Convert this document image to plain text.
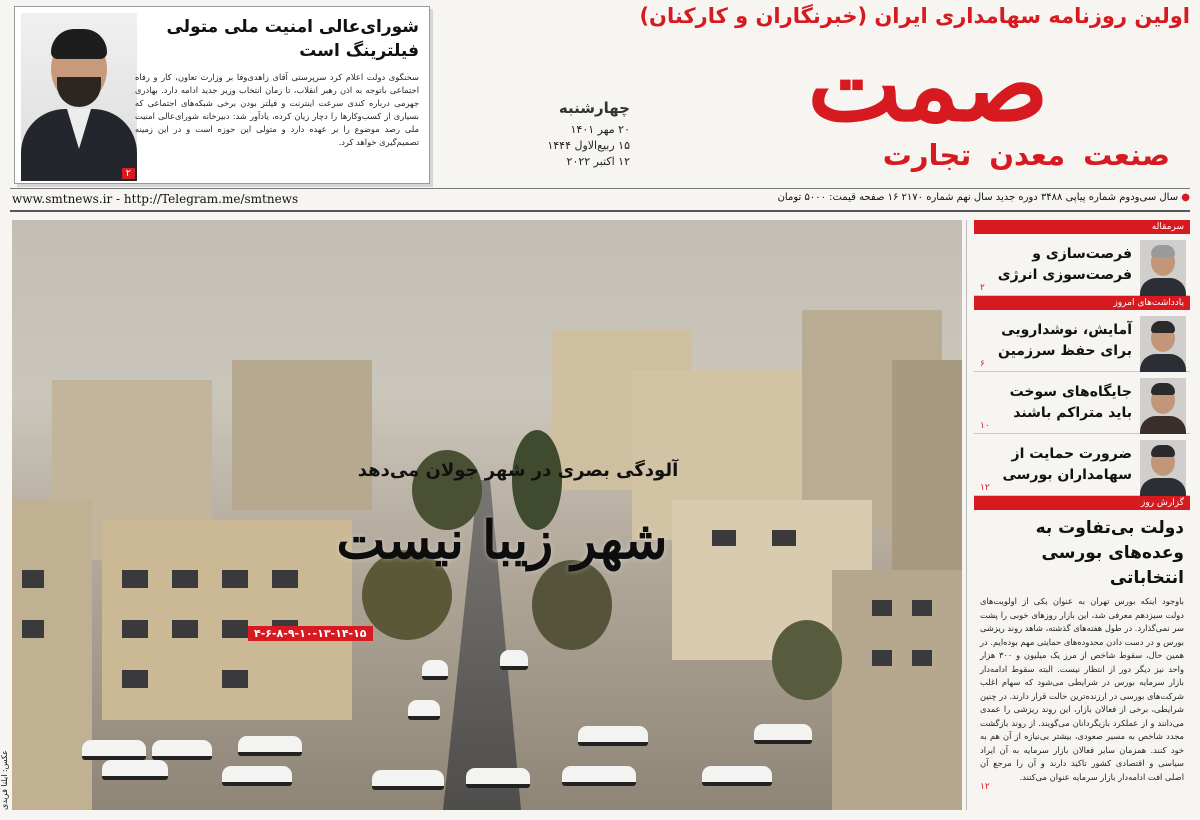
۲
شورای‌عالی امنیت ملی متولی فیلترینگ است
سخنگوی دولت اعلام کرد سرپرستی آقای زاهدی‌وفا بر وزارت تعاون، کار و رفاه اجتماعی باتوجه به اذن رهبر انقلاب، تا زمان انتخاب وزیر جدید ادامه دارد. بهادری جهرمی درباره کندی سرعت اینترنت و فیلتر بودن برخی شبکه‌های اجتماعی که بسیاری از کسب‌وکارها را دچار زیان کرده، یادآور شد: دبیرخانه شورای‌عالی امنیت ملی رصد موضوع را بر عهده دارد و متولی این حوزه است و در این زمینه تصمیم‌گیری خواهد کرد.
چهارشنبه
۲۰ مهر ۱۴۰۱
۱۵ ربیع‌الاول ۱۴۴۴
۱۲ اکتبر ۲۰۲۲
اولین روزنامه سهامداری ایران (خبرنگاران و کارکنان)
صمت
صنعت
معدن
تجارت
● سال سی‌ودوم شماره پیاپی ۳۴۸۸ دوره جدید سال نهم شماره ۲۱۷۰ ۱۶ صفحه قیمت: ۵۰۰۰ تومان
www.smtnews.ir - http://Telegram.me/smtnews
آلودگی بصری در شهر جولان می‌دهد
شهر زیبا نیست
۴-۶-۸-۹-۱۰-۱۳-۱۴-۱۵
عکس: ایلنا فریدی
سرمقاله
فرصت‌سازی و فرصت‌سوزی انرژی
۲
یادداشت‌های امروز
آمایش، نوشدارویی برای حفظ سرزمین
۶
جایگاه‌های سوخت باید متراکم باشند
۱۰
ضرورت حمایت از سهامداران بورسی
۱۲
گزارش روز
دولت بی‌تفاوت به وعده‌های بورسی انتخاباتی
باوجود اینکه بورس تهران به عنوان یکی از اولویت‌های دولت سیزدهم معرفی شد، این بازار روزهای خوبی را پشت سر نمی‌گذارد. در طول هفته‌های گذشته، شاهد روند ریزشی بورس و در دست دادن محدوده‌های حمایتی مهم بوده‌ایم. در همین حال، سقوط شاخص از مرز یک میلیون و ۳۰۰ هزار واحد نیز دیگر دور از انتظار نیست. البته سقوط ادامه‌دار بازار سرمایه بورس در شرایطی می‌شود که سهام اغلب شرکت‌های بورسی در ارزنده‌ترین حالت قرار دارند. در چنین شرایطی، برخی از فعالان بازار، این روند ریزشی را عمدی می‌دانند و از عملکرد بازیگردانان می‌گویند. از روند بازگشت مجدد شاخص به مسیر صعودی، بیشتر بی‌نیازه از آن هم به خود کنند. همزمان سایر فعالان بازار سرمایه به آن ایراد سیاسی و اقتصادی کشور تاکید دارند و آن را مرجع آن اصلی افت ادامه‌دار بازار سرمایه عنوان می‌کنند.
۱۲
